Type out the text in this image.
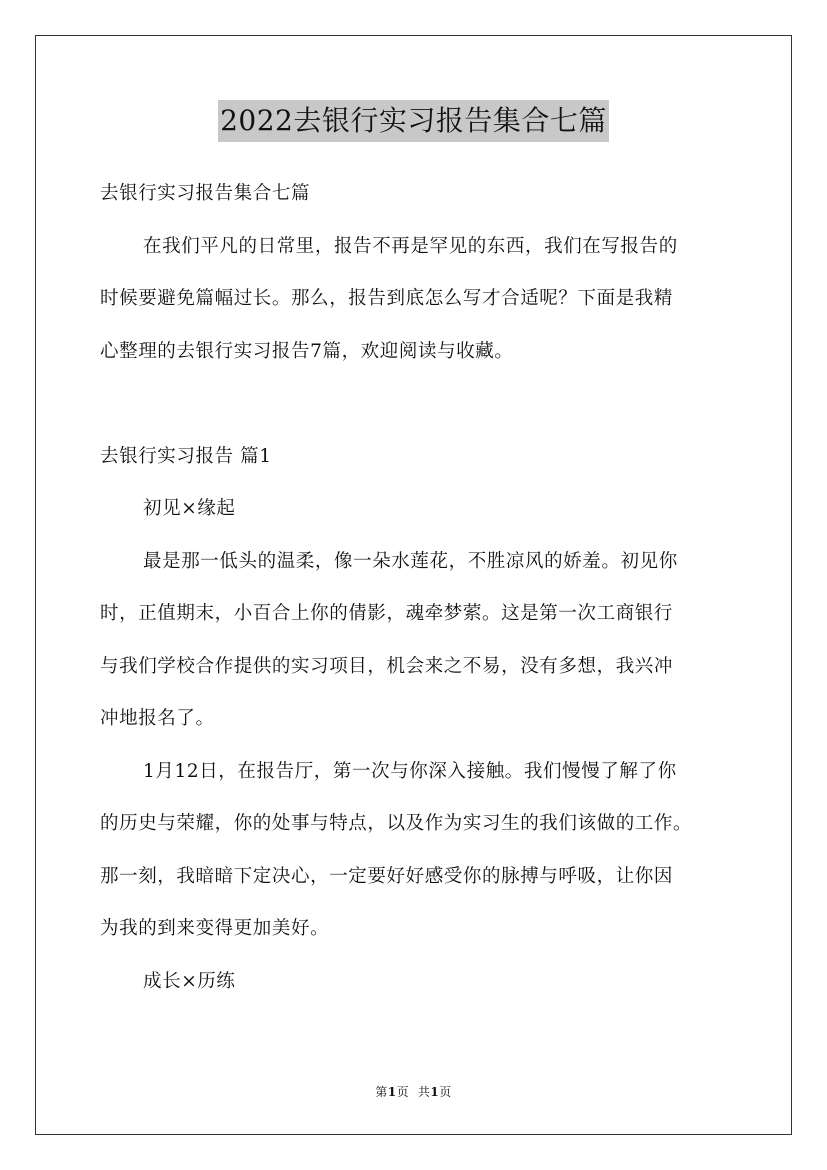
2022去银行实习报告集合七篇
去银行实习报告集合七篇
在我们平凡的日常里，报告不再是罕见的东西，我们在写报告的
时候要避免篇幅过长。那么，报告到底怎么写才合适呢？下面是我精
心整理的去银行实习报告7篇，欢迎阅读与收藏。
去银行实习报告 篇1
初见×缘起
最是那一低头的温柔，像一朵水莲花，不胜凉风的娇羞。初见你
时，正值期末，小百合上你的倩影，魂牵梦萦。这是第一次工商银行
与我们学校合作提供的实习项目，机会来之不易，没有多想，我兴冲
冲地报名了。
1月12日，在报告厅，第一次与你深入接触。我们慢慢了解了你
的历史与荣耀，你的处事与特点，以及作为实习生的我们该做的工作。
那一刻，我暗暗下定决心，一定要好好感受你的脉搏与呼吸，让你因
为我的到来变得更加美好。
成长×历练
第1页 共1页
